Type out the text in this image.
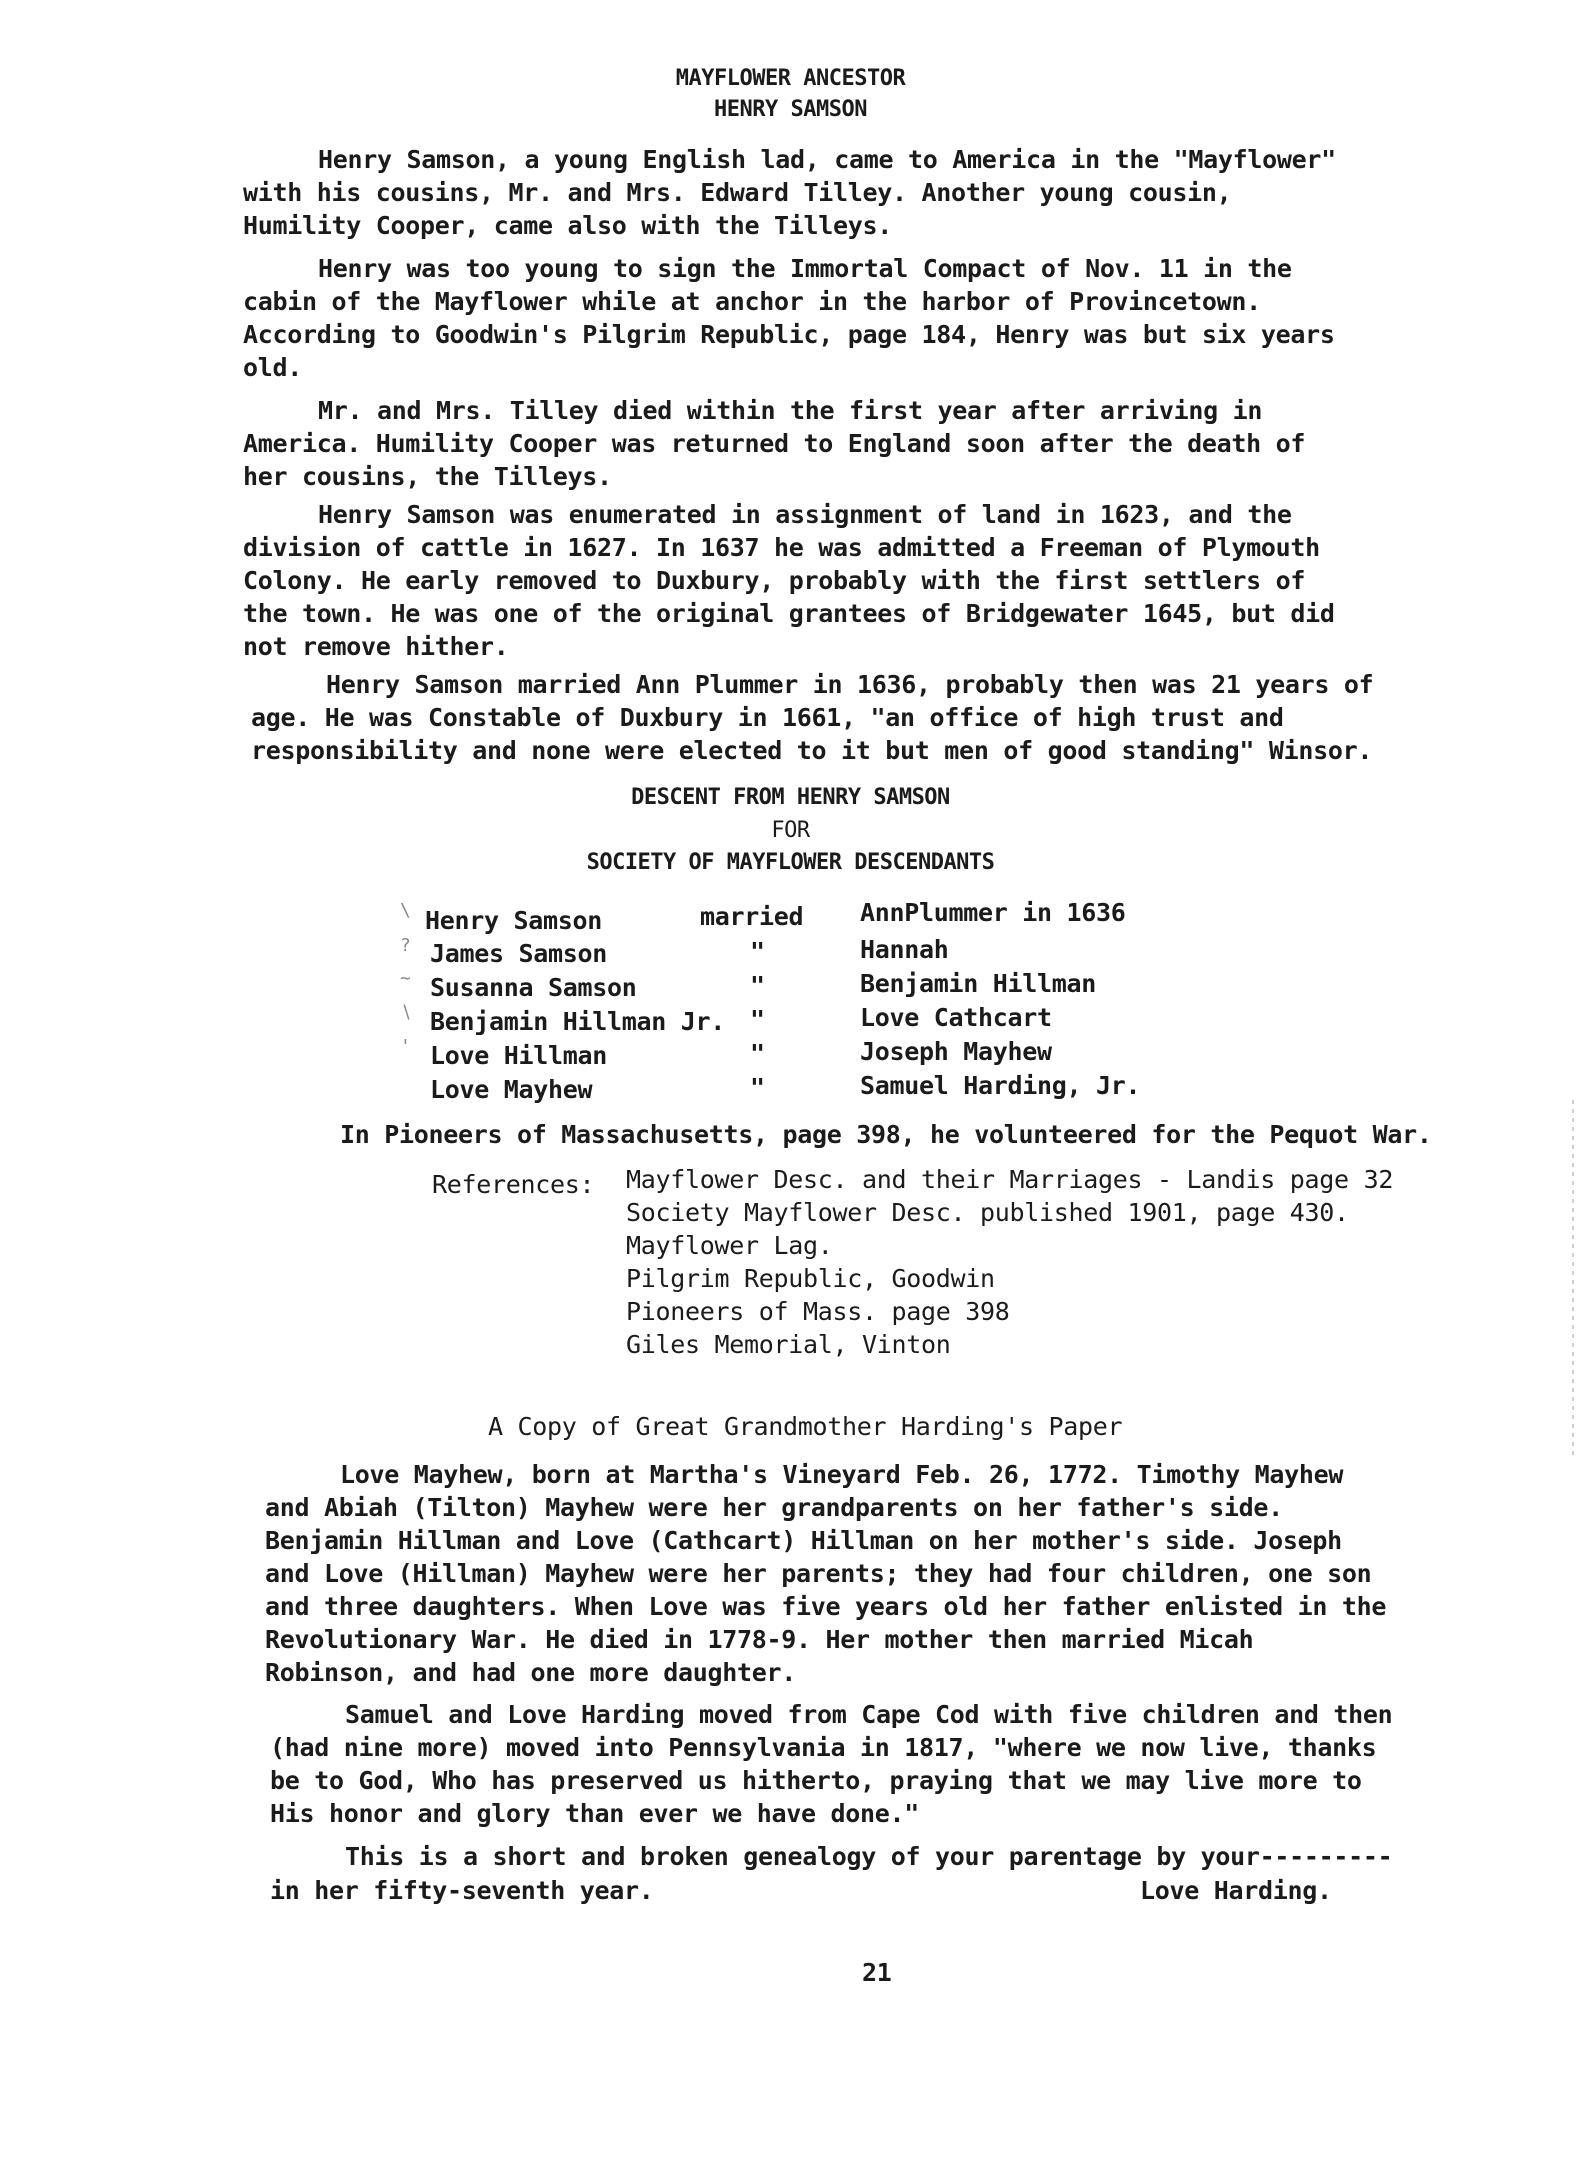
MAYFLOWER ANCESTOR
HENRY SAMSON
Henry Samson, a young English lad, came to America in the "Mayflower"
with his cousins, Mr. and Mrs. Edward Tilley. Another young cousin,
Humility Cooper, came also with the Tilleys.
Henry was too young to sign the Immortal Compact of Nov. 11 in the
cabin of the Mayflower while at anchor in the harbor of Provincetown.
According to Goodwin's Pilgrim Republic, page 184, Henry was but six years
old.
Mr. and Mrs. Tilley died within the first year after arriving in
America. Humility Cooper was returned to England soon after the death of
her cousins, the Tilleys.
Henry Samson was enumerated in assignment of land in 1623, and the
division of cattle in 1627. In 1637 he was admitted a Freeman of Plymouth
Colony. He early removed to Duxbury, probably with the first settlers of
the town. He was one of the original grantees of Bridgewater 1645, but did
not remove hither.
Henry Samson married Ann Plummer in 1636, probably then was 21 years of
age. He was Constable of Duxbury in 1661, "an office of high trust and
responsibility and none were elected to it but men of good standing" Winsor.
DESCENT FROM HENRY SAMSON
FOR
SOCIETY OF MAYFLOWER DESCENDANTS
\
?
~
∖
'
Henry Samson	married AnnPlummer in 1636
James Samson	"	Hannah
Susanna Samson	"	Benjamin Hillman
Benjamin Hillman Jr. "	Love Cathcart
Love Hillman	"	Joseph Mayhew
Love Mayhew	"	Samuel Harding, Jr.
In Pioneers of Massachusetts, page 398, he volunteered for the Pequot War.
References: Mayflower Desc. and their Marriages - Landis page 32
Society Mayflower Desc. published 1901, page 430.
Mayflower Lag.
Pilgrim Republic, Goodwin
Pioneers of Mass. page 398
Giles Memorial, Vinton
A Copy of Great Grandmother Harding's Paper
Love Mayhew, born at Martha's Vineyard Feb. 26, 1772. Timothy Mayhew
and Abiah (Tilton) Mayhew were her grandparents on her father's side.
Benjamin Hillman and Love (Cathcart) Hillman on her mother's side. Joseph
and Love (Hillman) Mayhew were her parents; they had four children, one son
and three daughters. When Love was five years old her father enlisted in the
Revolutionary War. He died in 1778-9. Her mother then married Micah
Robinson, and had one more daughter.
Samuel and Love Harding moved from Cape Cod with five children and then
(had nine more) moved into Pennsylvania in 1817, "where we now live, thanks
be to God, Who has preserved us hitherto, praying that we may live more to
His honor and glory than ever we have done."
This is a short and broken genealogy of your parentage by your---------
in her fifty-seventh year.	Love Harding.
21
